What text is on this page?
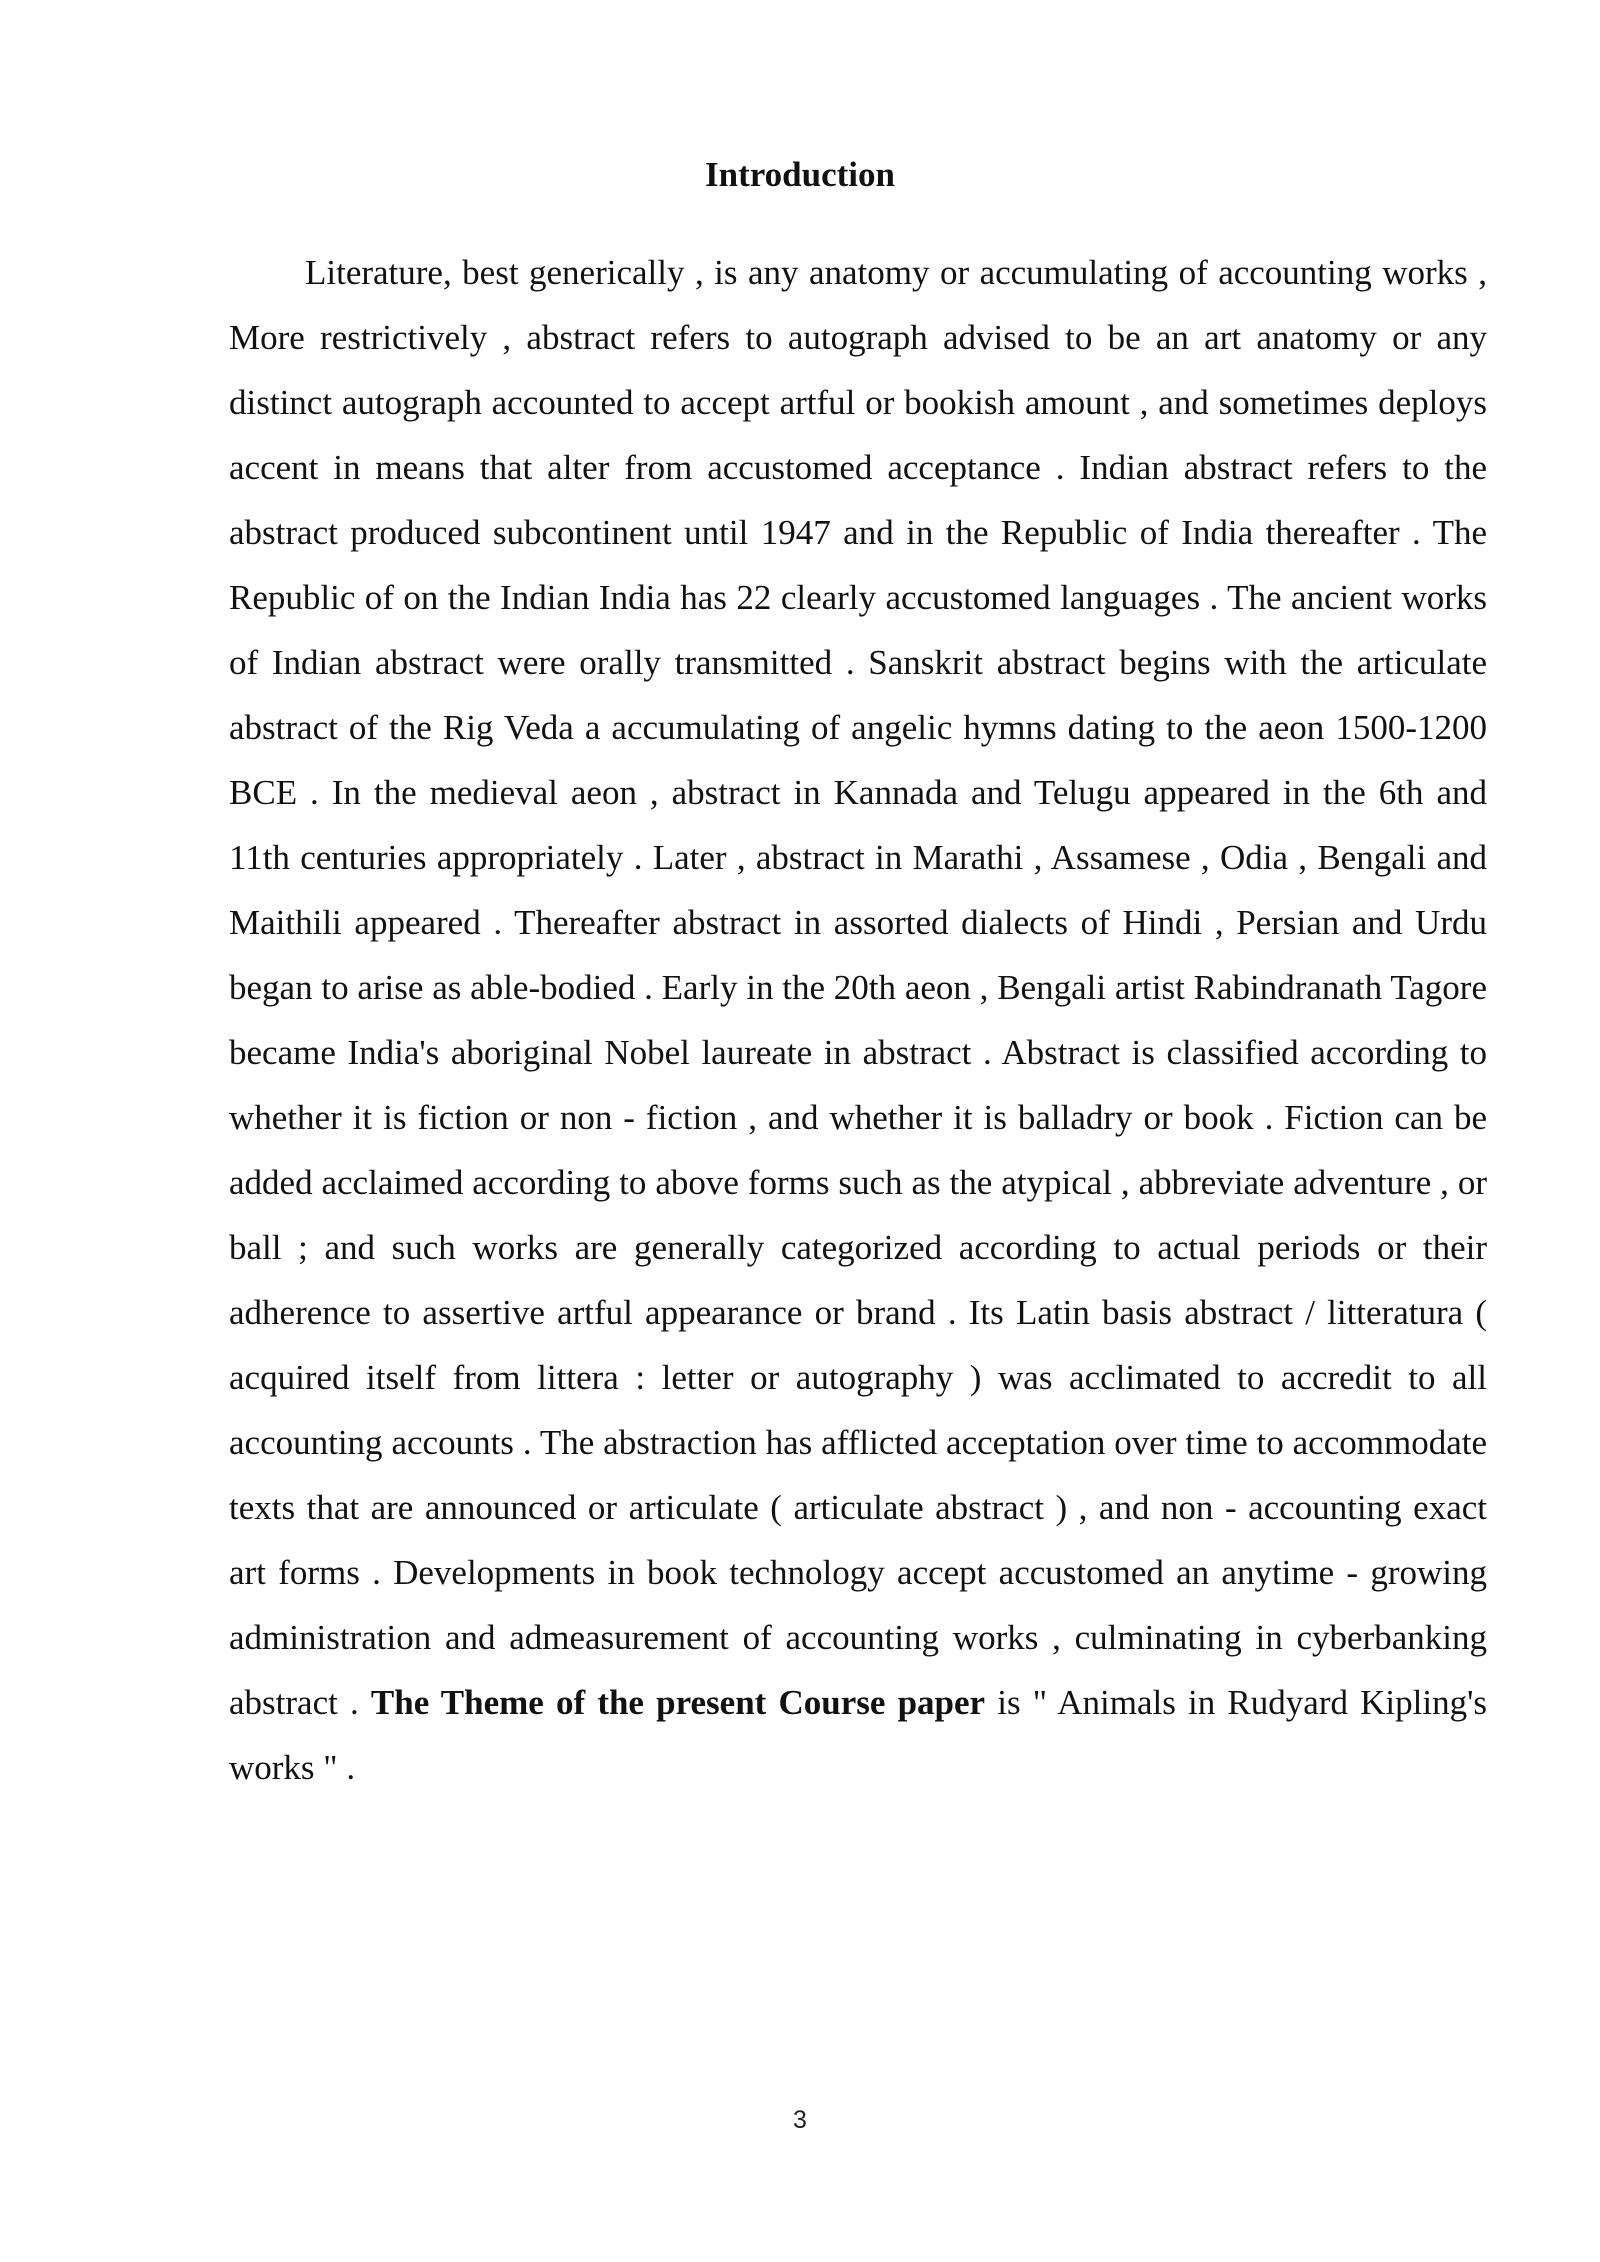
Introduction

Literature, best generically , is any anatomy or accumulating of accounting works , More restrictively , abstract refers to autograph advised to be an art anatomy or any distinct autograph accounted to accept artful or bookish amount , and sometimes deploys accent in means that alter from accustomed acceptance . Indian abstract refers to the abstract produced subcontinent until 1947 and in the Republic of India thereafter . The Republic of on the Indian India has 22 clearly accustomed languages . The ancient works of Indian abstract were orally transmitted . Sanskrit abstract begins with the articulate abstract of the Rig Veda a accumulating of angelic hymns dating to the aeon 1500-1200 BCE . In the medieval aeon , abstract in Kannada and Telugu appeared in the 6th and 11th centuries appropriately . Later , abstract in Marathi , Assamese , Odia , Bengali and Maithili appeared . Thereafter abstract in assorted dialects of Hindi , Persian and Urdu began to arise as able-bodied . Early in the 20th aeon , Bengali artist Rabindranath Tagore became India's aboriginal Nobel laureate in abstract . Abstract is classified according to whether it is fiction or non - fiction , and whether it is balladry or book . Fiction can be added acclaimed according to above forms such as the atypical , abbreviate adventure , or ball ; and such works are generally categorized according to actual periods or their adherence to assertive artful appearance or brand . Its Latin basis abstract / litteratura ( acquired itself from littera : letter or autography ) was acclimated to accredit to all accounting accounts . The abstraction has afflicted acceptation over time to accommodate texts that are announced or articulate ( articulate abstract ) , and non - accounting exact art forms . Developments in book technology accept accustomed an anytime - growing administration and admeasurement of accounting works , culminating in cyberbanking abstract . The Theme of the present Course paper is " Animals in Rudyard Kipling's works " .

3
